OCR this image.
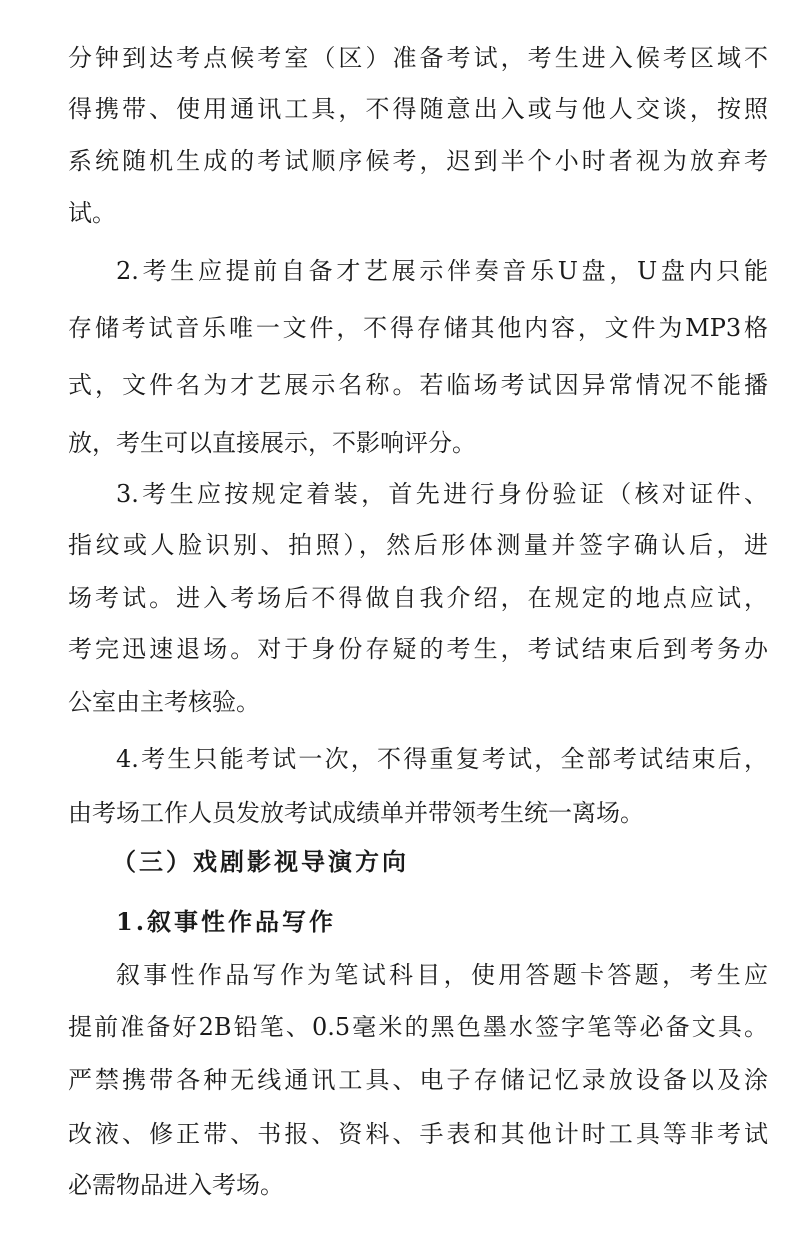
分钟到达考点候考室（区）准备考试，考生进入候考区域不
得携带、使用通讯工具，不得随意出入或与他人交谈，按照
系统随机生成的考试顺序候考，迟到半个小时者视为放弃考
试。
2.考生应提前自备才艺展示伴奏音乐U盘，U盘内只能
存储考试音乐唯一文件，不得存储其他内容，文件为MP3格
式，文件名为才艺展示名称。若临场考试因异常情况不能播
放，考生可以直接展示，不影响评分。
3.考生应按规定着装，首先进行身份验证（核对证件、
指纹或人脸识别、拍照），然后形体测量并签字确认后，进
场考试。进入考场后不得做自我介绍，在规定的地点应试，
考完迅速退场。对于身份存疑的考生，考试结束后到考务办
公室由主考核验。
4.考生只能考试一次，不得重复考试，全部考试结束后，
由考场工作人员发放考试成绩单并带领考生统一离场。
（三）戏剧影视导演方向
1.叙事性作品写作
叙事性作品写作为笔试科目，使用答题卡答题，考生应
提前准备好2B铅笔、0.5毫米的黑色墨水签字笔等必备文具。
严禁携带各种无线通讯工具、电子存储记忆录放设备以及涂
改液、修正带、书报、资料、手表和其他计时工具等非考试
必需物品进入考场。
